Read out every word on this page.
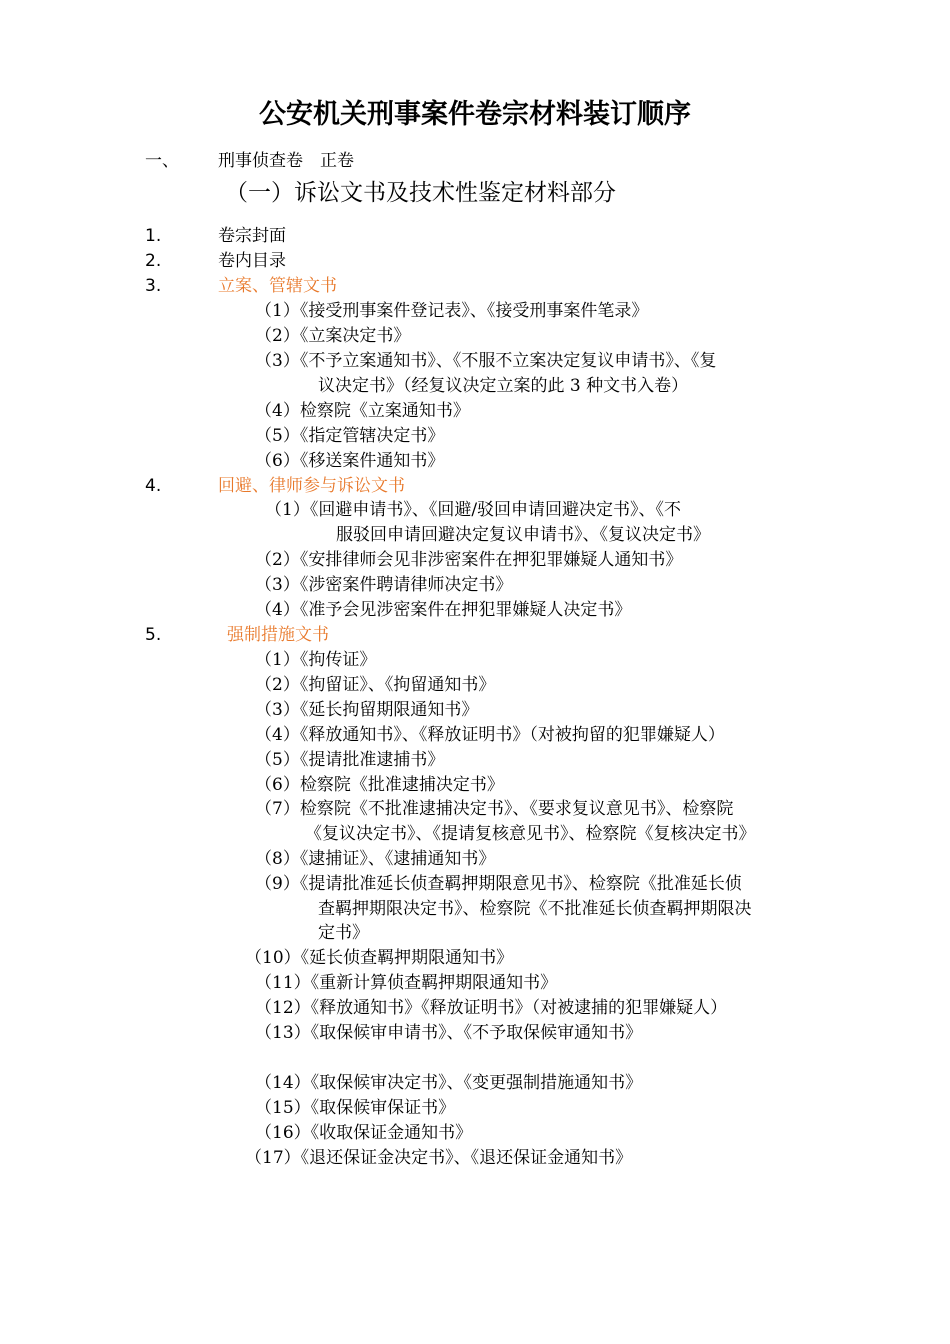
公安机关刑事案件卷宗材料装订顺序
一、 刑事侦查卷　正卷
（一）诉讼文书及技术性鉴定材料部分
1.	卷宗封面
2.	卷内目录
3.	立案、管辖文书
（1）《接受刑事案件登记表》、《接受刑事案件笔录》
（2）《立案决定书》
（3）《不予立案通知书》、《不服不立案决定复议申请书》、《复
议决定书》（经复议决定立案的此 3 种文书入卷）
（4）检察院《立案通知书》
（5）《指定管辖决定书》
（6）《移送案件通知书》
4.	回避、律师参与诉讼文书
（1）《回避申请书》、《回避/驳回申请回避决定书》、《不
服驳回申请回避决定复议申请书》、《复议决定书》
（2）《安排律师会见非涉密案件在押犯罪嫌疑人通知书》
（3）《涉密案件聘请律师决定书》
（4）《准予会见涉密案件在押犯罪嫌疑人决定书》
5.	强制措施文书
（1）《拘传证》
（2）《拘留证》、《拘留通知书》
（3）《延长拘留期限通知书》
（4）《释放通知书》、《释放证明书》（对被拘留的犯罪嫌疑人）
（5）《提请批准逮捕书》
（6）检察院《批准逮捕决定书》
（7）检察院《不批准逮捕决定书》、《要求复议意见书》、检察院
《复议决定书》、《提请复核意见书》、检察院《复核决定书》
（8）《逮捕证》、《逮捕通知书》
（9）《提请批准延长侦查羁押期限意见书》、检察院《批准延长侦
查羁押期限决定书》、检察院《不批准延长侦查羁押期限决
定书》
（10）《延长侦查羁押期限通知书》
（11）《重新计算侦查羁押期限通知书》
（12）《释放通知书》《释放证明书》（对被逮捕的犯罪嫌疑人）
（13）《取保候审申请书》、《不予取保候审通知书》
（14）《取保候审决定书》、《变更强制措施通知书》
（15）《取保候审保证书》
（16）《收取保证金通知书》
（17）《退还保证金决定书》、《退还保证金通知书》
